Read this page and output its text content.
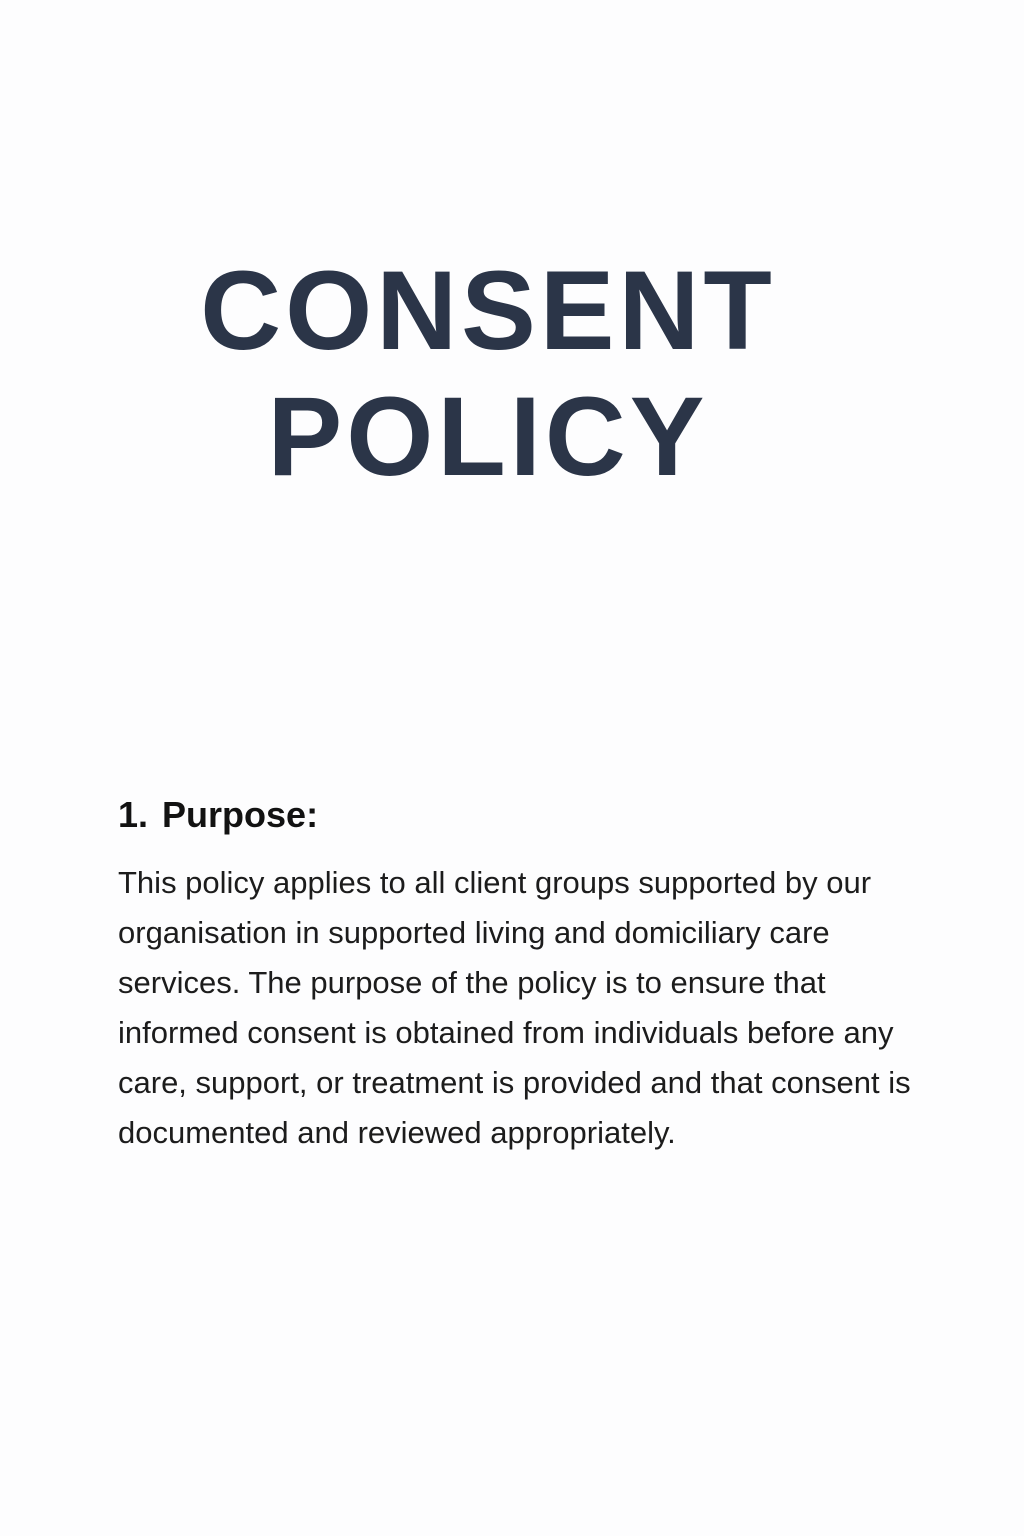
CONSENT
POLICY
1. Purpose:

This policy applies to all client groups supported by our organisation in supported living and domiciliary care services. The purpose of the policy is to ensure that informed consent is obtained from individuals before any care, support, or treatment is provided and that consent is documented and reviewed appropriately.
